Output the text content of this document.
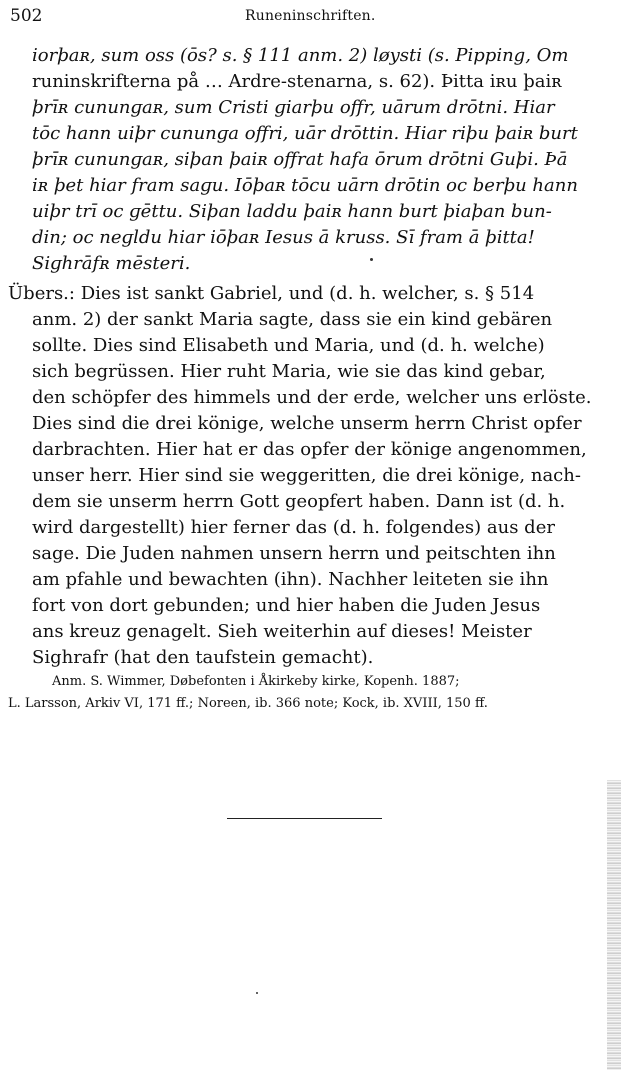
502	Runeninschriften.
iorþaʀ, sum oss (ōs? s. § 111 anm. 2) løysti (s. Pipping, Om
runinskrifterna på … Ardre-stenarna, s. 62). Þitta iʀu þaiʀ
þrīʀ cununɡaʀ, sum Cristi ɡiarþu offr, uārum drōtni. Hiar
tōc hann uiþr cununɡa offri, uār drōttin. Hiar riþu þaiʀ burt
þrīʀ cununɡaʀ, siþan þaiʀ offrat hafa ōrum drōtni Guþi. Þā
iʀ þet hiar fram saɡu. Iōþaʀ tōcu uārn drōtin oc berþu hann
uiþr trī oc ɡēttu. Siþan laddu þaiʀ hann burt þiaþan bun-
din; oc neɡldu hiar iōþaʀ Iesus ā kruss. Sī fram ā þitta!
Siɡhrāfʀ mēsteri.
Übers.: Dies ist sankt Gabriel, und (d. h. welcher, s. § 514
anm. 2) der sankt Maria sagte, dass sie ein kind gebären
sollte. Dies sind Elisabeth und Maria, und (d. h. welche)
sich begrüssen. Hier ruht Maria, wie sie das kind gebar,
den schöpfer des himmels und der erde, welcher uns erlöste.
Dies sind die drei könige, welche unserm herrn Christ opfer
darbrachten. Hier hat er das opfer der könige angenommen,
unser herr. Hier sind sie weggeritten, die drei könige, nach-
dem sie unserm herrn Gott geopfert haben. Dann ist (d. h.
wird dargestellt) hier ferner das (d. h. folgendes) aus der
sage. Die Juden nahmen unsern herrn und peitschten ihn
am pfahle und bewachten (ihn). Nachher leiteten sie ihn
fort von dort gebunden; und hier haben die Juden Jesus
ans kreuz genagelt. Sieh weiterhin auf dieses! Meister
Sighrafr (hat den taufstein gemacht).
Anm. S. Wimmer, Døbefonten i Åkirkeby kirke, Kopenh. 1887;
L. Larsson, Arkiv VI, 171 ff.; Noreen, ib. 366 note; Kock, ib. XVIII, 150 ff.
